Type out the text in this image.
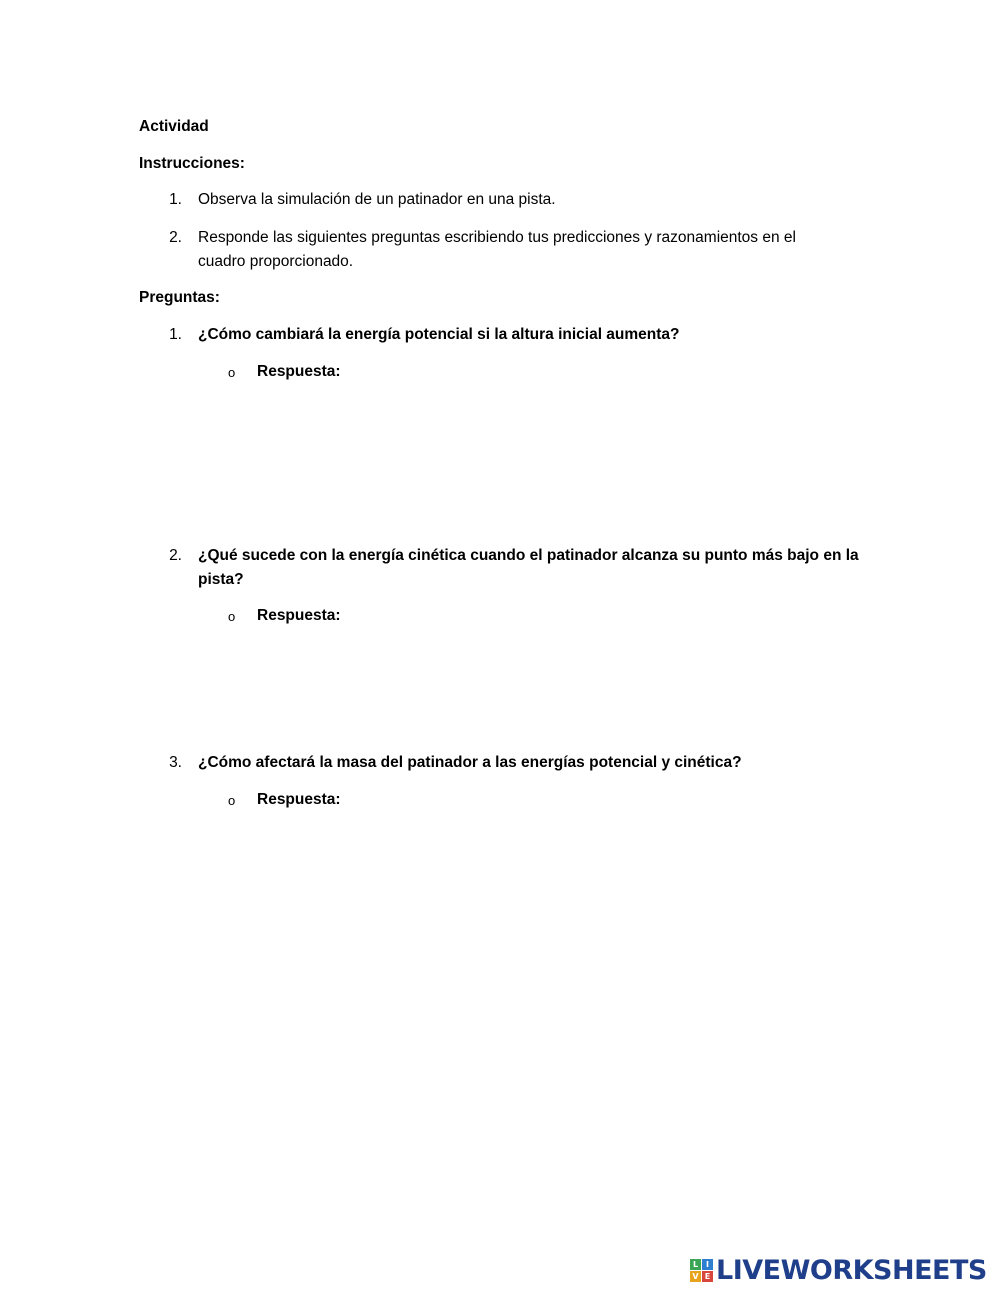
Actividad
Instrucciones:
1. Observa la simulación de un patinador en una pista.
2. Responde las siguientes preguntas escribiendo tus predicciones y razonamientos en el cuadro proporcionado.
Preguntas:
1. ¿Cómo cambiará la energía potencial si la altura inicial aumenta?
o Respuesta:
2. ¿Qué sucede con la energía cinética cuando el patinador alcanza su punto más bajo en la pista?
o Respuesta:
3. ¿Cómo afectará la masa del patinador a las energías potencial y cinética?
o Respuesta:
L I
V E LIVEWORKSHEETS
